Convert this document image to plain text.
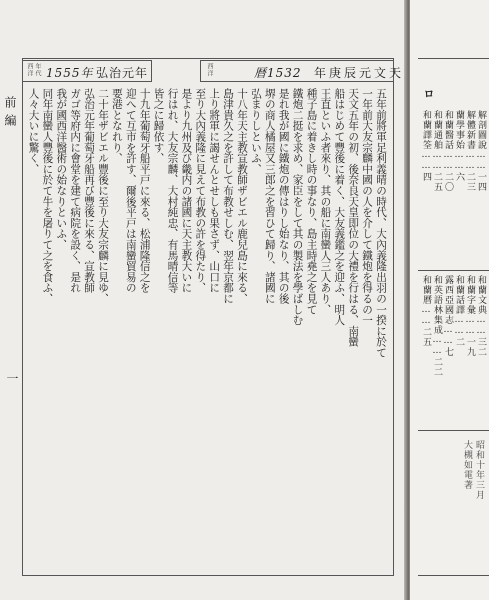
西洋 年代 1555年 弘治元年	西洋	暦1532 年庚辰元文天
前編
一
五年前將軍足利義晴の時代、大內義隆出羽の一揆に於て
一年前大友宗麟中國の人を介して鐵炮を得るの一
天文五年の初、後奈良天皇即位の大禮を行はる、南蠻
船はじめて豐後に着く、大友義鑑之を迎ふ、明人
王直といふ者來り、其の船に南蠻人三人あり、
種子島に着きし時の事なり、島主時堯之を見て
鐵炮二挺を求め、家臣をして其の製法を學ばしむ
是れ我が國に鐵炮の傳はりし始なり、其の後
堺の商人橘屋又三郎之を習ひて歸り、諸國に
弘まりしといふ、
十八年天主教宣教師ザビエル鹿兒島に來る、
島津貴久之を許して布教せしむ、翌年京都に
上り將軍に謁せんとせしも果さず、山口に
至り大內義隆に見えて布教の許を得たり、
是より九州及び畿内の諸國に天主教大いに
行はれ、大友宗麟、大村純忠、有馬晴信等
皆之に歸依す、
十九年葡萄牙船平戸に來る、松浦隆信之を
迎へて互市を許す、爾後平戸は南蠻貿易の
要港となれり、
二十年ザビエル豐後に至り大友宗麟に見ゆ、
弘治元年葡萄牙船再び豐後に來る、宣教師
ガゴ等府内に會堂を建て病院を設く、是れ
我が國西洋醫術の始なりといふ、
同年南蠻人豐後に於て牛を屠りて之を食ふ、
人々大いに驚く、	ロ
解剖圖說……一四
解體新書……二三
蘭學事始……六
和蘭醫話……二〇
和蘭通舶……二五
和蘭譯筌……四
和蘭文典……三二
和蘭字彙……一九
和蘭話譯……二
露西亞國志……七
和英語林集成……二二
和蘭曆……二五
昭和十年三月
大槻如電著
